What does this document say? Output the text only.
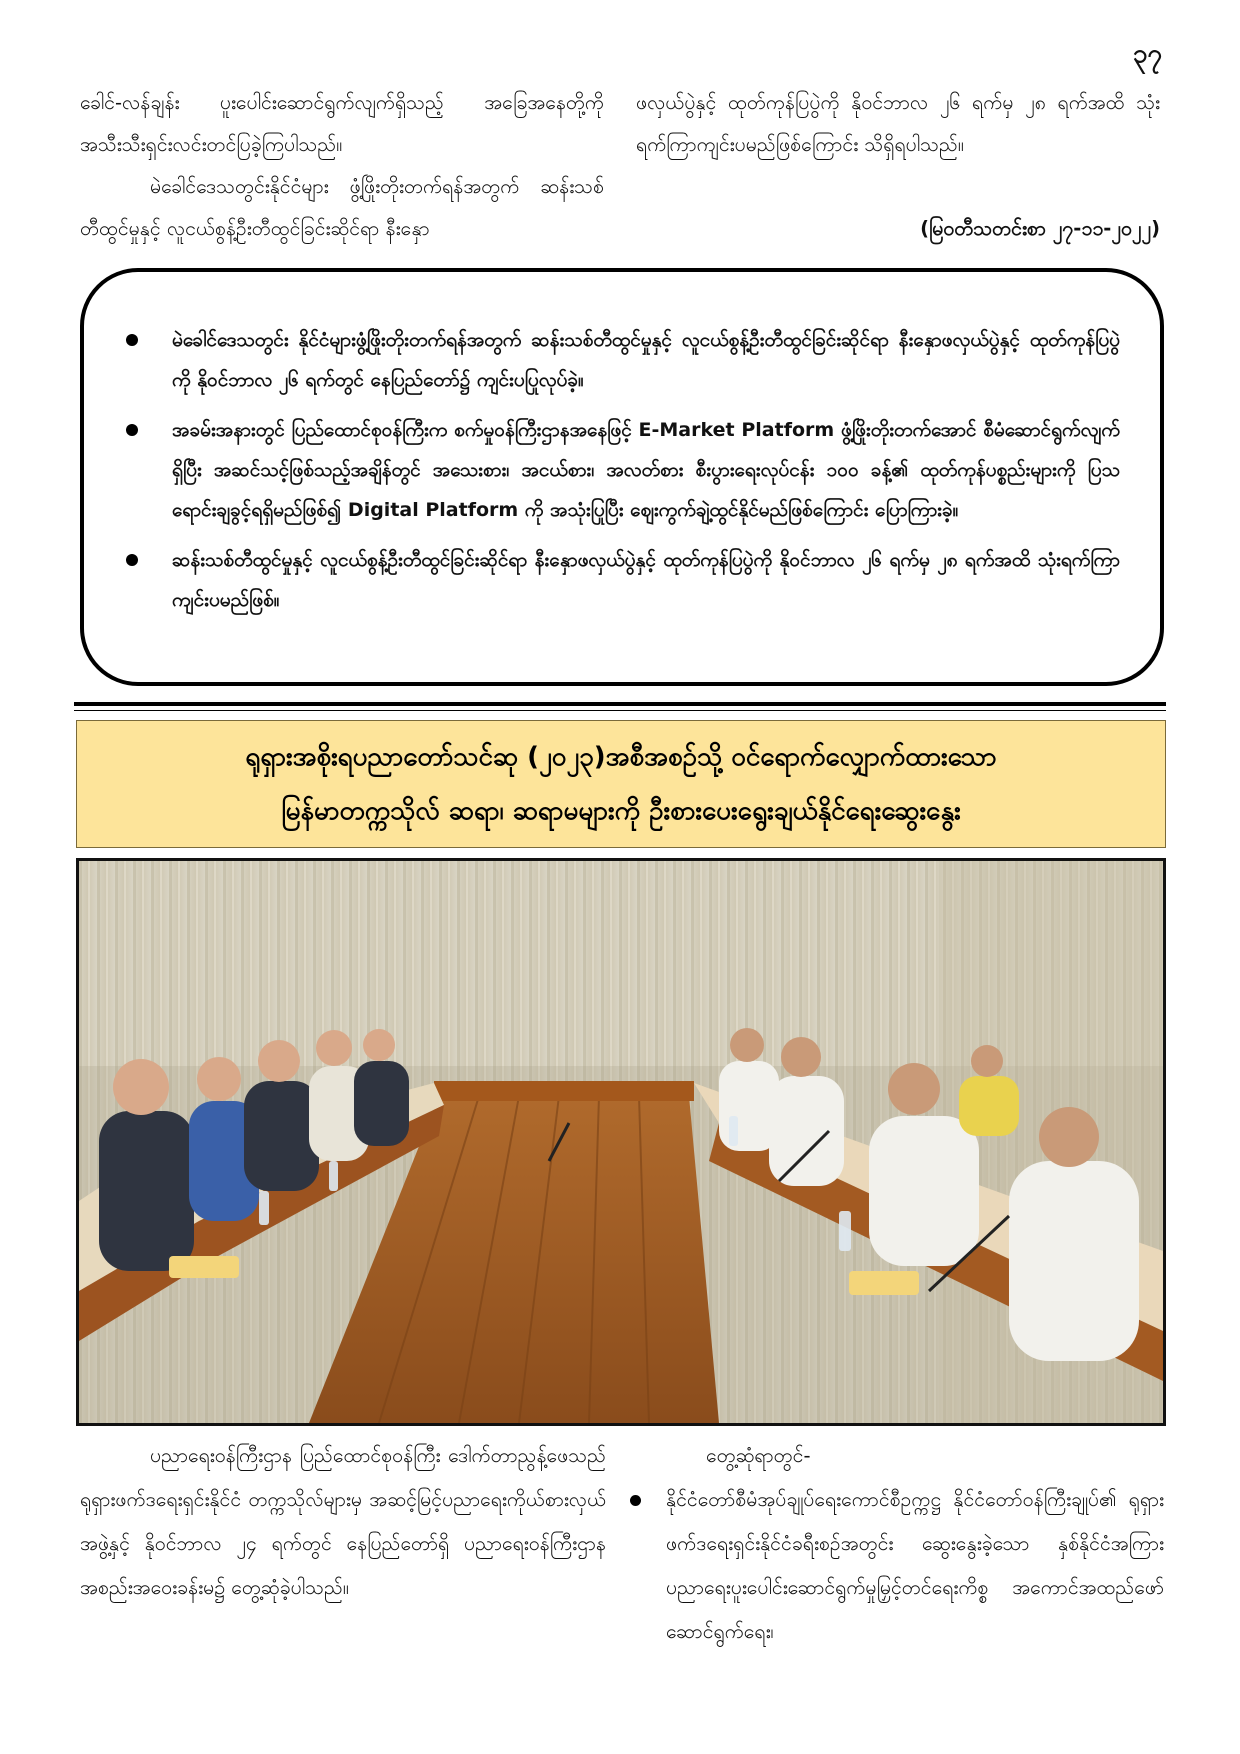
၃၇

ခေါင်-လန်ချန်း ပူးပေါင်းဆောင်ရွက်လျက်ရှိသည့် အခြေအနေတို့ကို အသီးသီးရှင်းလင်းတင်ပြခဲ့ကြပါသည်။

မဲခေါင်ဒေသတွင်းနိုင်ငံများ ဖွံ့ဖြိုးတိုးတက်ရန်အတွက် ဆန်းသစ်တီထွင်မှုနှင့် လူငယ်စွန့်ဦးတီထွင်ခြင်းဆိုင်ရာ နီးနှော

ဖလှယ်ပွဲနှင့် ထုတ်ကုန်ပြပွဲကို နိုဝင်ဘာလ ၂၆ ရက်မှ ၂၈ ရက်အထိ သုံးရက်ကြာကျင်းပမည်ဖြစ်ကြောင်း သိရှိရပါသည်။

(မြဝတီသတင်းစာ ၂၇-၁၁-၂၀၂၂)

မဲခေါင်ဒေသတွင်း နိုင်ငံများဖွံ့ဖြိုးတိုးတက်ရန်အတွက် ဆန်းသစ်တီထွင်မှုနှင့် လူငယ်စွန့်ဦးတီထွင်ခြင်းဆိုင်ရာ နီးနှောဖလှယ်ပွဲနှင့် ထုတ်ကုန်ပြပွဲကို နိုဝင်ဘာလ ၂၆ ရက်တွင် နေပြည်တော်၌ ကျင်းပပြုလုပ်ခဲ့။
အခမ်းအနားတွင် ပြည်ထောင်စုဝန်ကြီးက စက်မှုဝန်ကြီးဌာနအနေဖြင့် E-Market Platform ဖွံ့ဖြိုးတိုးတက်အောင် စီမံဆောင်ရွက်လျက်ရှိပြီး အဆင်သင့်ဖြစ်သည့်အချိန်တွင် အသေးစား၊ အငယ်စား၊ အလတ်စား စီးပွားရေးလုပ်ငန်း ၁၀၀ ခန့်၏ ထုတ်ကုန်ပစ္စည်းများကို ပြသရောင်းချခွင့်ရရှိမည်ဖြစ်၍ Digital Platform ကို အသုံးပြုပြီး ဈေးကွက်ချဲ့ထွင်နိုင်မည်ဖြစ်ကြောင်း ပြောကြားခဲ့။
ဆန်းသစ်တီထွင်မှုနှင့် လူငယ်စွန့်ဦးတီထွင်ခြင်းဆိုင်ရာ နီးနှောဖလှယ်ပွဲနှင့် ထုတ်ကုန်ပြပွဲကို နိုဝင်ဘာလ ၂၆ ရက်မှ ၂၈ ရက်အထိ သုံးရက်ကြာ ကျင်းပမည်ဖြစ်။
ရုရှားအစိုးရပညာတော်သင်ဆု (၂၀၂၃)အစီအစဉ်သို့ ဝင်ရောက်လျှောက်ထားသော
မြန်မာတက္ကသိုလ် ဆရာ၊ ဆရာမများကို ဦးစားပေးရွေးချယ်နိုင်ရေးဆွေးနွေး

ပညာရေးဝန်ကြီးဌာန ပြည်ထောင်စုဝန်ကြီး ဒေါက်တာညွန့်ဖေသည် ရုရှားဖက်ဒရေးရှင်းနိုင်ငံ တက္ကသိုလ်များမှ အဆင့်မြင့်ပညာရေးကိုယ်စားလှယ်အဖွဲ့နှင့် နိုဝင်ဘာလ ၂၄ ရက်တွင် နေပြည်တော်ရှိ ပညာရေးဝန်ကြီးဌာန အစည်းအဝေးခန်းမ၌ တွေ့ဆုံခဲ့ပါသည်။

တွေ့ဆုံရာတွင်-

နိုင်ငံတော်စီမံအုပ်ချုပ်ရေးကောင်စီဥက္ကဋ္ဌ နိုင်ငံတော်ဝန်ကြီးချုပ်၏ ရုရှားဖက်ဒရေးရှင်းနိုင်ငံခရီးစဉ်အတွင်း ဆွေးနွေးခဲ့သော နှစ်နိုင်ငံအကြား ပညာရေးပူးပေါင်းဆောင်ရွက်မှုမြှင့်တင်ရေးကိစ္စ အကောင်အထည်ဖော်ဆောင်ရွက်ရေး၊
